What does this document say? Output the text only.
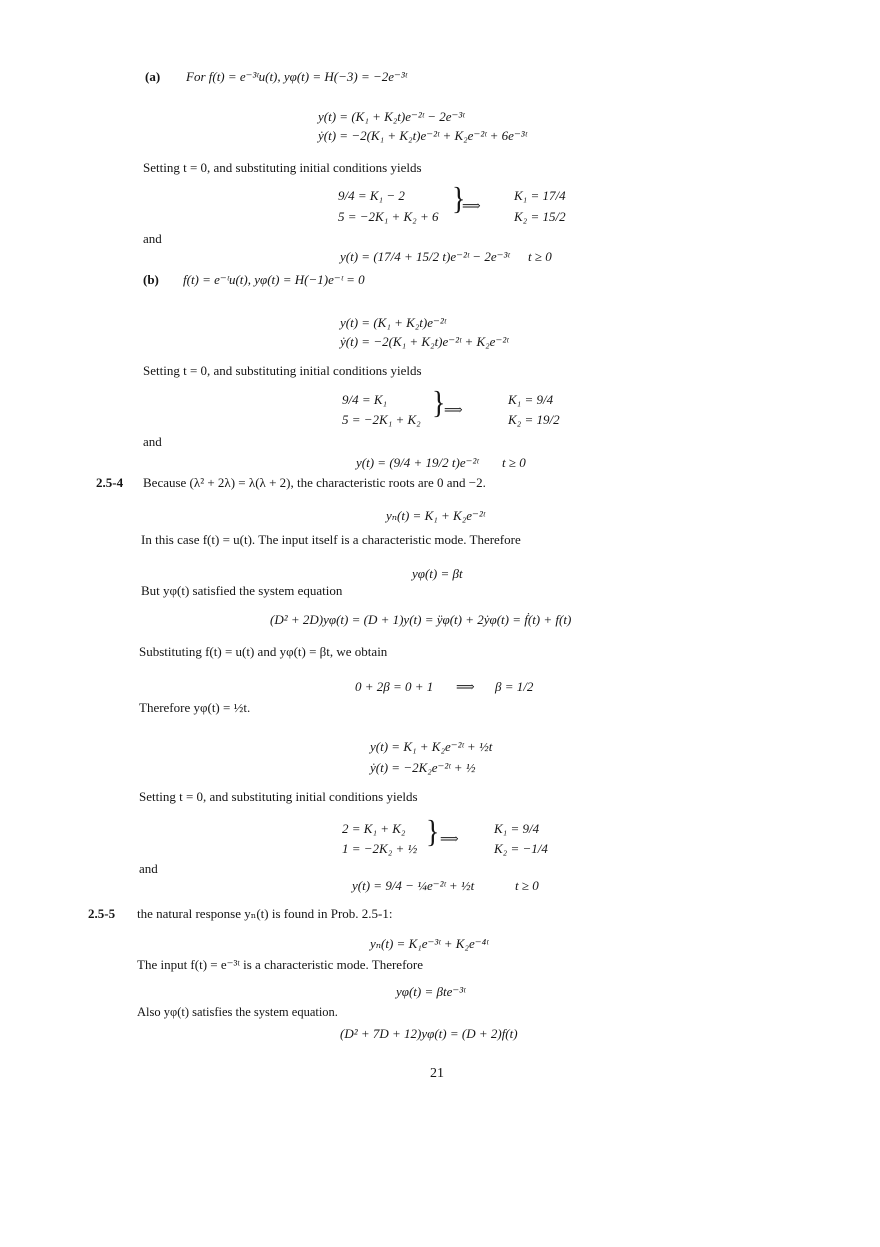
(a) For f(t) = e⁻³ᵗu(t), yφ(t) = H(−3) = −2e⁻³ᵗ
y(t) = (K₁ + K₂t)e⁻²ᵗ − 2e⁻³ᵗ
ẏ(t) = −2(K₁ + K₂t)e⁻²ᵗ + K₂e⁻²ᵗ + 6e⁻³ᵗ
Setting t = 0, and substituting initial conditions yields
9/4 = K₁ − 2
5 = −2K₁ + K₂ + 6 }
⟹
K₁ = 17/4
K₂ = 15/2
and
y(t) = (17/4 + 15/2 t)e⁻²ᵗ − 2e⁻³ᵗ t ≥ 0
(b) f(t) = e⁻ᵗu(t), yφ(t) = H(−1)e⁻ᵗ = 0
y(t) = (K₁ + K₂t)e⁻²ᵗ
ẏ(t) = −2(K₁ + K₂t)e⁻²ᵗ + K₂e⁻²ᵗ
Setting t = 0, and substituting initial conditions yields
9/4 = K₁
5 = −2K₁ + K₂ }
⟹
K₁ = 9/4
K₂ = 19/2
and
y(t) = (9/4 + 19/2 t)e⁻²ᵗ t ≥ 0
2.5-4 Because (λ² + 2λ) = λ(λ + 2), the characteristic roots are 0 and −2.
yₙ(t) = K₁ + K₂e⁻²ᵗ
In this case f(t) = u(t). The input itself is a characteristic mode. Therefore
yφ(t) = βt
But yφ(t) satisfied the system equation
(D² + 2D)yφ(t) = (D + 1)y(t) = ÿφ(t) + 2ẏφ(t) = ḟ(t) + f(t)
Substituting f(t) = u(t) and yφ(t) = βt, we obtain
0 + 2β = 0 + 1 ⟹ β = 1/2
Therefore yφ(t) = ½t.
y(t) = K₁ + K₂e⁻²ᵗ + ½t
ẏ(t) = −2K₂e⁻²ᵗ + ½
Setting t = 0, and substituting initial conditions yields
2 = K₁ + K₂
1 = −2K₂ + ½ } ⟹
K₁ = 9/4
K₂ = −1/4
and
y(t) = 9/4 − ¼e⁻²ᵗ + ½t	t ≥ 0
2.5-5 the natural response yₙ(t) is found in Prob. 2.5-1:
yₙ(t) = K₁e⁻³ᵗ + K₂e⁻⁴ᵗ
The input f(t) = e⁻³ᵗ is a characteristic mode. Therefore
yφ(t) = βte⁻³ᵗ
Also yφ(t) satisfies the system equation.
(D² + 7D + 12)yφ(t) = (D + 2)f(t)
21
